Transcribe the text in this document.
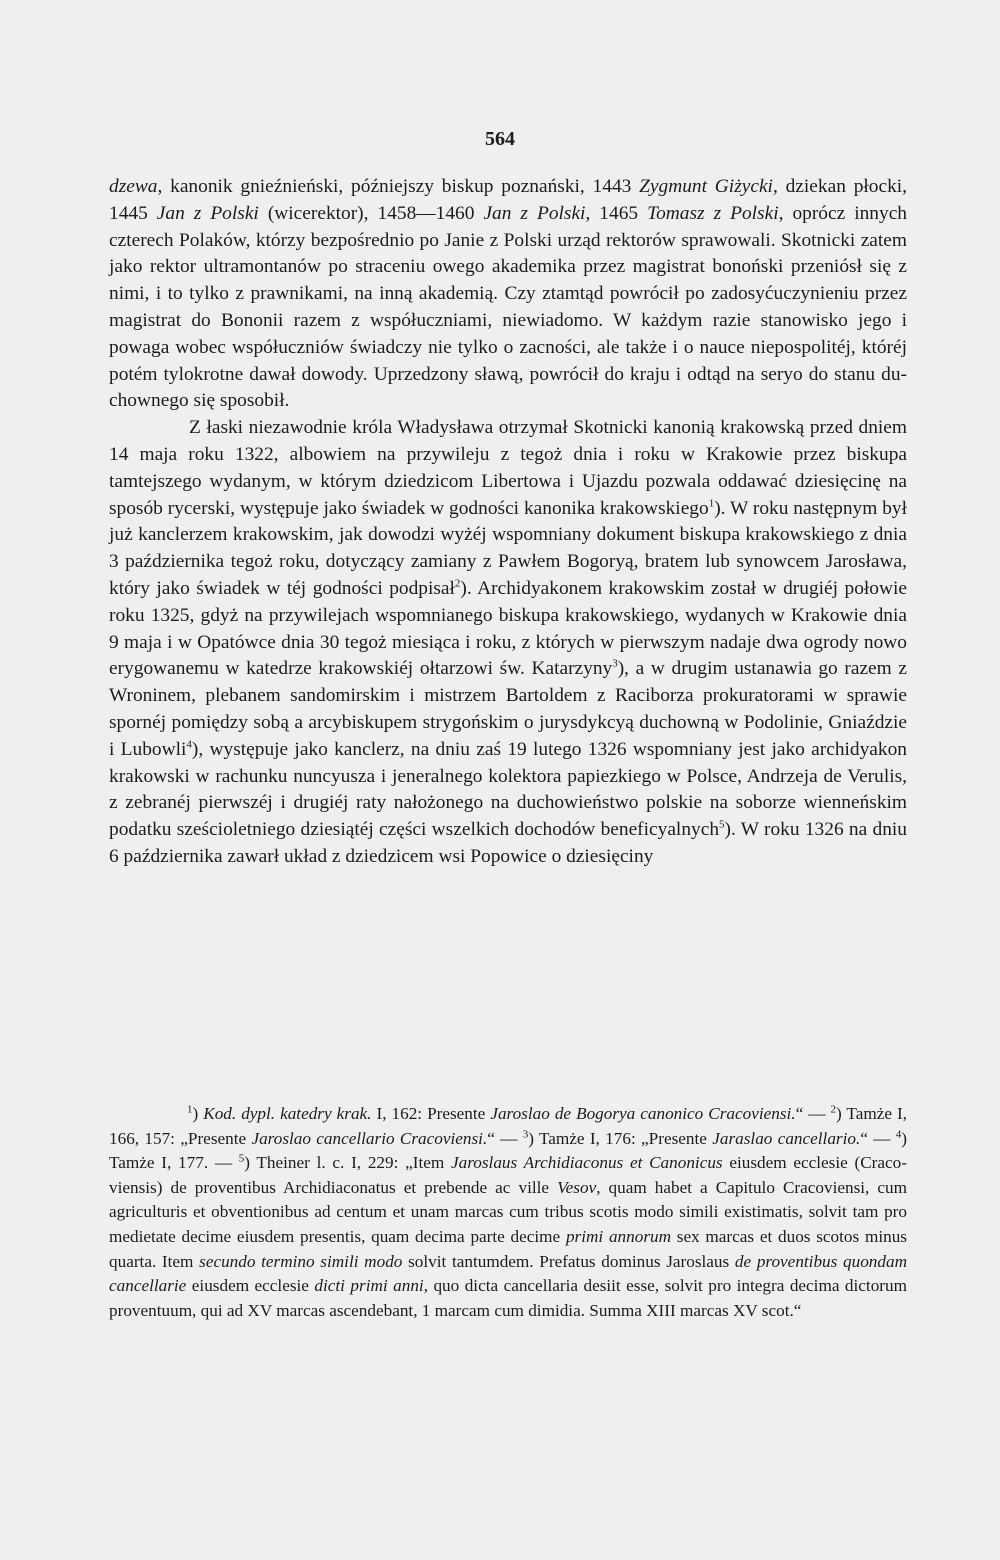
564

dzewa, kanonik gnieźnieński, późniejszy biskup poznański, 1443 Zygmunt Giżycki, dziekan płocki, 1445 Jan z Polski (wicerektor), 1458—1460 Jan z Polski, 1465 Tomasz z Polski, oprócz innych czterech Polaków, którzy bezpośrednio po Janie z Polski urząd rektorów sprawowali. Skotnicki zatem jako rektor ultramontanów po straceniu owego akademika przez magistrat bonoński przeniósł się z nimi, i to tylko z prawnikami, na inną akademią. Czy ztamtąd powrócił po zadosyćuczynieniu przez magistrat do Bononii razem z współuczniami, niewiadomo. W każdym razie stanowisko jego i powaga wobec współuczniów świadczy nie tylko o zacności, ale także i o nauce niepospolitéj, któréj potém tylokrotne dawał dowody. Uprzedzony sławą, powrócił do kraju i odtąd na seryo do stanu duchownego się sposobił.

Z łaski niezawodnie króla Władysława otrzymał Skotnicki kanonią krakowską przed dniem 14 maja roku 1322, albowiem na przywileju z tegoż dnia i roku w Krakowie przez biskupa tamtejszego wydanym, w którym dziedzicom Libertowa i Ujazdu pozwala oddawać dziesięcinę na sposób rycerski, występuje jako świadek w godności kanonika krakowskiego$^1$). W roku następnym był już kanclerzem krakowskim, jak dowodzi wyżéj wspomniany dokument biskupa krakowskiego z dnia 3 października tegoż roku, dotyczący zamiany z Pawłem Bogoryą, bratem lub synowcem Jarosława, który jako świadek w téj godności podpisał$^2$). Archidyakonem krakowskim został w drugiéj połowie roku 1325, gdyż na przywilejach wspomnianego biskupa krakowskiego, wydanych w Krakowie dnia 9 maja i w Opatówce dnia 30 tegoż miesiąca i roku, z których w pierwszym nadaje dwa ogrody nowo erygowanemu w katedrze krakowskiéj ołtarzowi św. Katarzyny$^3$), a w drugim ustanawia go razem z Wroninem, plebanem sandomirskim i mistrzem Bartoldem z Raciborza prokuratorami w sprawie spornéj pomiędzy sobą a arcybiskupem strygońskim o jurysdykcyą duchowną w Podolinie, Gniaździe i Lubowli$^4$), występuje jako kanclerz, na dniu zaś 19 lutego 1326 wspomniany jest jako archidyakon krakowski w rachunku nuncyusza i jeneralnego kolektora papiezkiego w Polsce, Andrzeja de Verulis, z zebranéj pierwszéj i drugiéj raty nałożonego na duchowieństwo polskie na soborze wienneńskim podatku sześcioletniego dziesiątéj części wszelkich dochodów beneficyalnych$^5$). W roku 1326 na dniu 6 października zawarł układ z dziedzicem wsi Popowice o dziesięciny

$^1$) Kod. dypl. katedry krak. I, 162: Presente Jaroslao de Bogorya canonico Cracoviensi.“ — $^2$) Tamże I, 166, 157: „Presente Jaroslao cancellario Cracoviensi.“ — $^3$) Tamże I, 176: „Presente Jaraslao cancellario.“ — $^4$) Tamże I, 177. — $^5$) Theiner l. c. I, 229: „Item Jaroslaus Archidiaconus et Canonicus eiusdem ecclesie (Cracoviensis) de proventibus Archidiaconatus et prebende ac ville Vesov, quam habet a Capitulo Cracoviensi, cum agriculturis et obventionibus ad centum et unam marcas cum tribus scotis modo simili existimatis, solvit tam pro medietate decime eiusdem presentis, quam decima parte decime primi annorum sex marcas et duos scotos minus quarta. Item secundo termino simili modo solvit tantumdem. Prefatus dominus Jaroslaus de proventibus quondam cancellarie eiusdem ecclesie dicti primi anni, quo dicta cancellaria desiit esse, solvit pro integra decima dictorum proventuum, qui ad XV marcas ascendebant, 1 marcam cum dimidia. Summa XIII marcas XV scot.“
